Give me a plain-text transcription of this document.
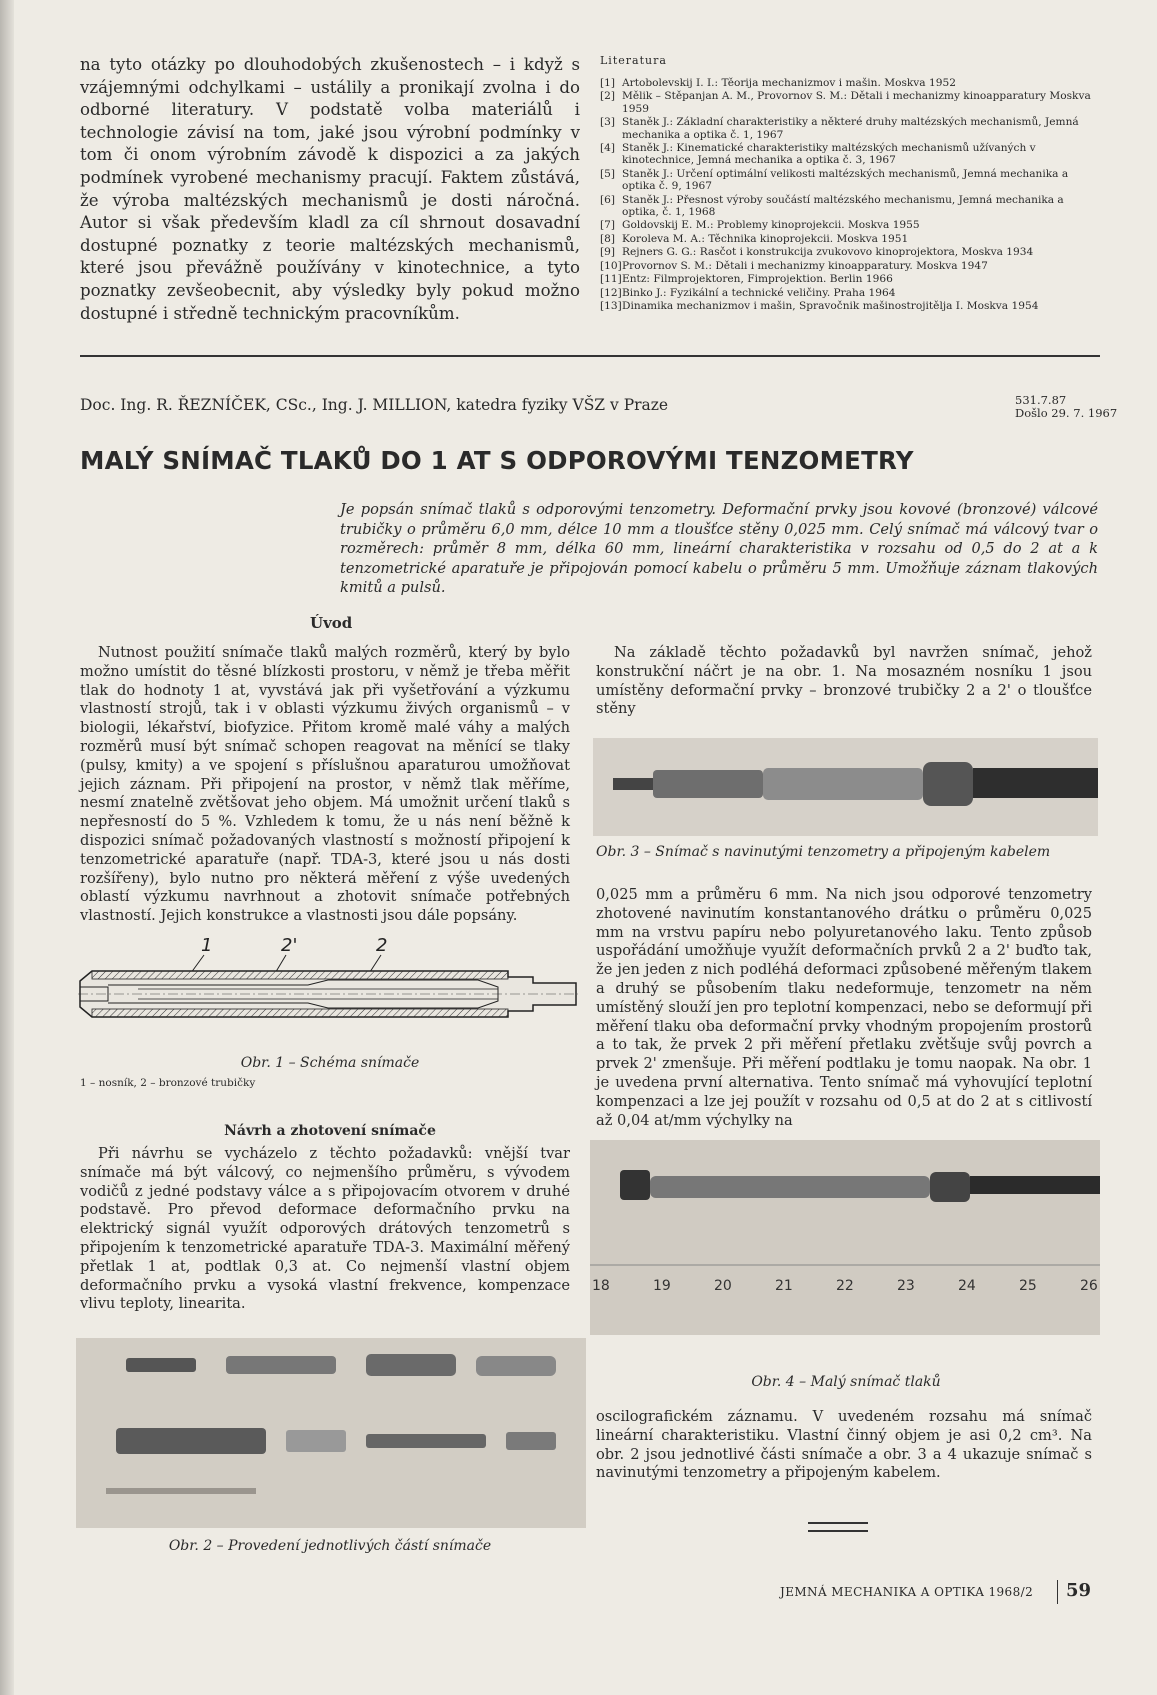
na tyto otázky po dlouhodobých zkušenostech – i když s vzájemnými odchylkami – ustálily a pronikají zvolna i do odborné literatury. V podstatě volba materiálů i technologie závisí na tom, jaké jsou výrobní podmínky v tom či onom výrobním závodě k dispozici a za jakých podmínek vyrobené mechanismy pracují. Faktem zůstává, že výroba maltézských mechanismů je dosti náročná. Autor si však především kladl za cíl shrnout dosavadní dostupné poznatky z teorie maltézských mechanismů, které jsou převážně používány v kinotechnice, a tyto poznatky zevšeobecnit, aby výsledky byly pokud možno dostupné i středně technickým pracovníkům.

Literatura
[1] Artobolevskij I. I.: Těorija mechanizmov i mašin. Moskva 1952
[2] Mělik – Stěpanjan A. M., Provornov S. M.: Dětali i mechanizmy kinoapparatury Moskva 1959
[3] Staněk J.: Základní charakteristiky a některé druhy maltézských mechanismů, Jemná mechanika a optika č. 1, 1967
[4] Staněk J.: Kinematické charakteristiky maltézských mechanismů užívaných v kinotechnice, Jemná mechanika a optika č. 3, 1967
[5] Staněk J.: Určení optimální velikosti maltézských mechanismů, Jemná mechanika a optika č. 9, 1967
[6] Staněk J.: Přesnost výroby součástí maltézského mechanismu, Jemná mechanika a optika, č. 1, 1968
[7] Goldovskij E. M.: Problemy kinoprojekcii. Moskva 1955
[8] Koroleva M. A.: Těchnika kinoprojekcii. Moskva 1951
[9] Rejners G. G.: Rasčot i konstrukcija zvukovovo kinoprojektora, Moskva 1934
[10]Provornov S. M.: Dětali i mechanizmy kinoapparatury. Moskva 1947
[11]Entz: Filmprojektoren, Fimprojektion. Berlin 1966
[12]Binko J.: Fyzikální a technické veličiny. Praha 1964
[13]Dinamika mechanizmov i mašin, Spravočnik mašinostrojitělja I. Moskva 1954
Doc. Ing. R. ŘEZNÍČEK, CSc., Ing. J. MILLION, katedra fyziky VŠZ v Praze	531.7.87
Došlo 29. 7. 1967
MALÝ SNÍMAČ TLAKŮ DO 1 AT S ODPOROVÝMI TENZOMETRY

Je popsán snímač tlaků s odporovými tenzometry. Deformační prvky jsou kovové (bronzové) válcové trubičky o průměru 6,0 mm, délce 10 mm a tloušťce stěny 0,025 mm. Celý snímač má válcový tvar o rozměrech: průměr 8 mm, délka 60 mm, lineární charakteristika v rozsahu od 0,5 do 2 at a k tenzometrické aparatuře je připojován pomocí kabelu o průměru 5 mm. Umožňuje záznam tlakových kmitů a pulsů.

Úvod

Nutnost použití snímače tlaků malých rozměrů, který by bylo možno umístit do těsné blízkosti prostoru, v němž je třeba měřit tlak do hodnoty 1 at, vyvstává jak při vyšetřování a výzkumu vlastností strojů, tak i v oblasti výzkumu živých organismů – v biologii, lékařství, biofyzice. Přitom kromě malé váhy a malých rozměrů musí být snímač schopen reagovat na měnící se tlaky (pulsy, kmity) a ve spojení s příslušnou aparaturou umožňovat jejich záznam. Při připojení na prostor, v němž tlak měříme, nesmí znatelně zvětšovat jeho objem. Má umožnit určení tlaků s nepřesností do 5 %. Vzhledem k tomu, že u nás není běžně k dispozici snímač požadovaných vlastností s možností připojení k tenzometrické aparatuře (např. TDA-3, které jsou u nás dosti rozšířeny), bylo nutno pro některá měření z výše uvedených oblastí výzkumu navrhnout a zhotovit snímače potřebných vlastností. Jejich konstrukce a vlastnosti jsou dále popsány.

1	2'	2
Obr. 1 – Schéma snímače
1 – nosník, 2 – bronzové trubičky
Návrh a zhotovení snímače

Při návrhu se vycházelo z těchto požadavků: vnější tvar snímače má být válcový, co nejmenšího průměru, s vývodem vodičů z jedné podstavy válce a s připojovacím otvorem v druhé podstavě. Pro převod deformace deformačního prvku na elektrický signál využít odporových drátových tenzometrů s připojením k tenzometrické aparatuře TDA-3. Maximální měřený přetlak 1 at, podtlak 0,3 at. Co nejmenší vlastní objem deformačního prvku a vysoká vlastní frekvence, kompenzace vlivu teploty, linearita.

Obr. 2 – Provedení jednotlivých částí snímače

Na základě těchto požadavků byl navržen snímač, jehož konstrukční náčrt je na obr. 1. Na mosazném nosníku 1 jsou umístěny deformační prvky – bronzové trubičky 2 a 2' o tloušťce stěny

Obr. 3 – Snímač s navinutými tenzometry a připojeným kabelem

0,025 mm a průměru 6 mm. Na nich jsou odporové tenzometry zhotovené navinutím konstantanového drátku o průměru 0,025 mm na vrstvu papíru nebo polyuretanového laku. Tento způsob uspořádání umožňuje využít deformačních prvků 2 a 2' buďto tak, že jen jeden z nich podléhá deformaci způsobené měřeným tlakem a druhý se působením tlaku nedeformuje, tenzometr na něm umístěný slouží jen pro teplotní kompenzaci, nebo se deformují při měření tlaku oba deformační prvky vhodným propojením prostorů a to tak, že prvek 2 při měření přetlaku zvětšuje svůj povrch a prvek 2' zmenšuje. Při měření podtlaku je tomu naopak. Na obr. 1 je uvedena první alternativa. Tento snímač má vyhovující teplotní kompenzaci a lze jej použít v rozsahu od 0,5 at do 2 at s citlivostí až 0,04 at/mm výchylky na

18	19	20	21	22	23	24	25	26
Obr. 4 – Malý snímač tlaků

oscilografickém záznamu. V uvedeném rozsahu má snímač lineární charakteristiku. Vlastní činný objem je asi 0,2 cm³. Na obr. 2 jsou jednotlivé části snímače a obr. 3 a 4 ukazuje snímač s navinutými tenzometry a připojeným kabelem.

JEMNÁ MECHANIKA A OPTIKA 1968/2 59
